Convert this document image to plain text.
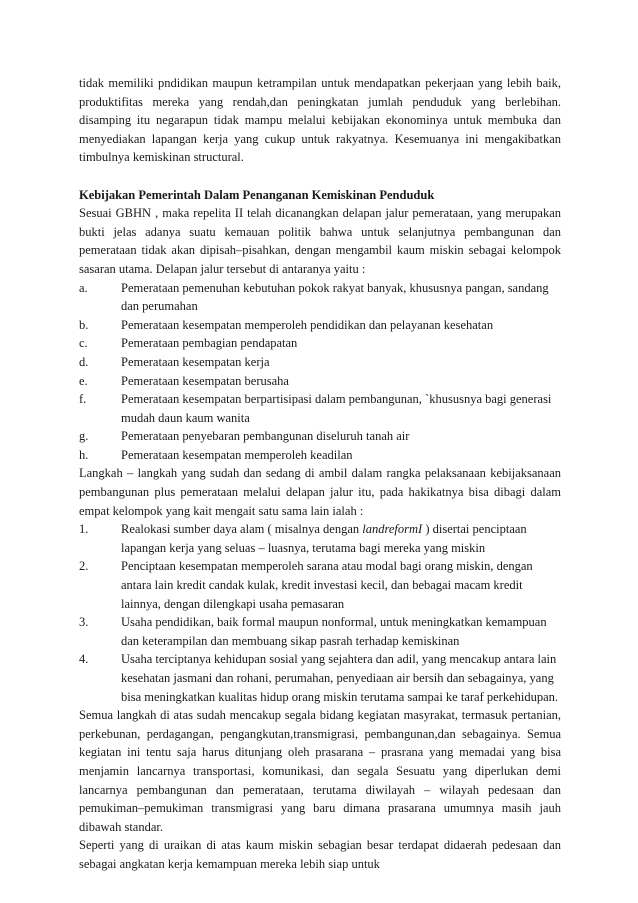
tidak memiliki pndidikan maupun ketrampilan untuk mendapatkan pekerjaan yang lebih baik, produktifitas mereka yang rendah,dan peningkatan jumlah penduduk yang berlebihan. disamping itu negarapun tidak mampu melalui kebijakan ekonominya untuk membuka dan menyediakan lapangan kerja yang cukup untuk rakyatnya. Kesemuanya ini mengakibatkan timbulnya kemiskinan structural.

Kebijakan Pemerintah Dalam Penanganan Kemiskinan Penduduk

Sesuai GBHN , maka repelita II telah dicanangkan delapan jalur pemerataan, yang merupakan bukti jelas adanya suatu kemauan politik bahwa untuk selanjutnya pembangunan dan pemerataan tidak akan dipisah–pisahkan, dengan mengambil kaum miskin sebagai kelompok sasaran utama. Delapan jalur tersebut di antaranya yaitu :

a.	Pemerataan pemenuhan kebutuhan pokok rakyat banyak, khususnya pangan, sandang dan perumahan
b.	Pemerataan kesempatan memperoleh pendidikan dan pelayanan kesehatan
c.	Pemerataan pembagian pendapatan
d.	Pemerataan kesempatan kerja
e.	Pemerataan kesempatan berusaha
f.	Pemerataan kesempatan berpartisipasi dalam pembangunan, `khususnya bagi generasi mudah daun kaum wanita
g.	Pemerataan penyebaran pembangunan diseluruh tanah air
h.	Pemerataan kesempatan memperoleh keadilan

Langkah – langkah yang sudah dan sedang di ambil dalam rangka pelaksanaan kebijaksanaan pembangunan plus pemerataan melalui delapan jalur itu, pada hakikatnya bisa dibagi dalam empat kelompok yang kait mengait satu sama lain ialah :

1.	Realokasi sumber daya alam ( misalnya dengan landreformI ) disertai penciptaan lapangan kerja yang seluas – luasnya, terutama bagi mereka yang miskin
2.	Penciptaan kesempatan memperoleh sarana atau modal bagi orang miskin, dengan antara lain kredit candak kulak, kredit investasi kecil, dan bebagai macam kredit lainnya, dengan dilengkapi usaha pemasaran
3.	Usaha pendidikan, baik formal maupun nonformal, untuk meningkatkan kemampuan dan keterampilan dan membuang sikap pasrah terhadap kemiskinan
4.	Usaha terciptanya kehidupan sosial yang sejahtera dan adil, yang mencakup antara lain kesehatan jasmani dan rohani, perumahan, penyediaan air bersih dan sebagainya, yang bisa meningkatkan kualitas hidup orang miskin terutama sampai ke taraf perkehidupan.

Semua langkah di atas sudah mencakup segala bidang kegiatan masyrakat, termasuk pertanian, perkebunan, perdagangan, pengangkutan,transmigrasi, pembangunan,dan sebagainya. Semua kegiatan ini tentu saja harus ditunjang oleh prasarana – prasrana yang memadai yang bisa menjamin lancarnya transportasi, komunikasi, dan segala Sesuatu yang diperlukan demi lancarnya pembangunan dan pemerataan, terutama diwilayah – wilayah pedesaan dan pemukiman–pemukiman transmigrasi yang baru dimana prasarana umumnya masih jauh dibawah standar.

Seperti yang di uraikan di atas kaum miskin sebagian besar terdapat didaerah pedesaan dan sebagai angkatan kerja kemampuan mereka lebih siap untuk
